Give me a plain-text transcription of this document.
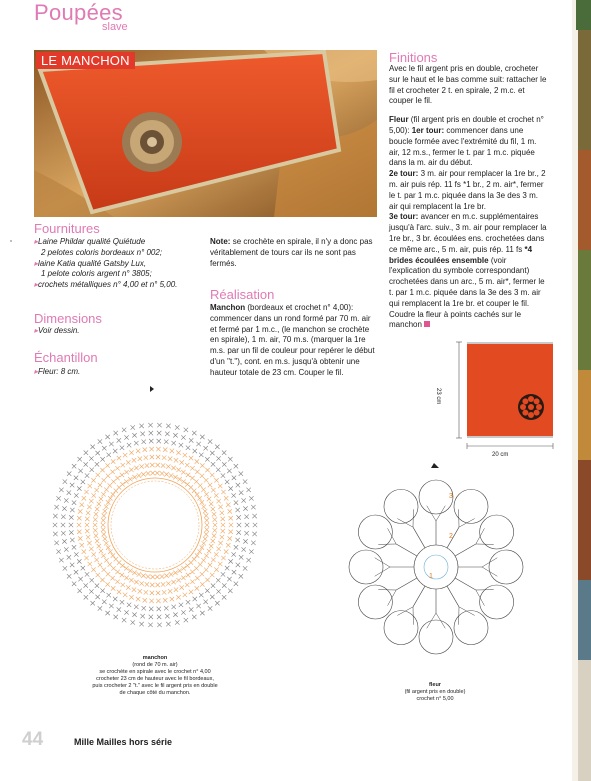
Poupées
slave
LE MANCHON
Fournitures
▸Laine Phildar qualité Quiétude
2 pelotes coloris bordeaux n° 002;
▸laine Katia qualité Gatsby Lux,
1 pelote coloris argent n° 3805;
▸crochets métalliques n° 4,00 et n° 5,00.
Dimensions
▸Voir dessin.
Échantillon
▸Fleur: 8 cm.
Note: se crochète en spirale, il n'y a donc pas véritablement de tours car ils ne sont pas fermés.
Réalisation
Manchon (bordeaux et crochet n° 4,00): commencer dans un rond formé par 70 m. air et fermé par 1 m.c., (le manchon se crochète en spirale), 1 m. air, 70 m.s. (marquer la 1re m.s. par un fil de couleur pour repérer le début d'un "t."), cont. en m.s. jusqu'à obtenir une hauteur totale de 23 cm. Couper le fil.
Finitions

Avec le fil argent pris en double, crocheter sur le haut et le bas comme suit: rattacher le fil et crocheter 2 t. en spirale, 2 m.c. et couper le fil.

Fleur (fil argent pris en double et crochet n° 5,00): 1er tour: commencer dans une boucle formée avec l'extrémité du fil, 1 m. air, 12 m.s., fermer le t. par 1 m.c. piquée dans la m. air du début.

2e tour: 3 m. air pour remplacer la 1re br., 2 m. air puis rép. 11 fs *1 br., 2 m. air*, fermer le t. par 1 m.c. piquée dans la 3e des 3 m. air qui remplacent la 1re br.

3e tour: avancer en m.c. supplémentaires jusqu'à l'arc. suiv., 3 m. air pour remplacer la 1re br., 3 br. écoulées ens. crochetées dans ce même arc., 5 m. air, puis rép. 11 fs *4 brides écoulées ensemble (voir l'explication du symbole correspondant) crochetées dans un arc., 5 m. air*, fermer le t. par 1 m.c. piquée dans la 3e des 3 m. air qui remplacent la 1re br. et couper le fil.

Coudre la fleur à points cachés sur le manchon

23 cm
20 cm
manchon
(rond de 70 m. air)
se crochète en spirale avec le crochet n° 4,00
crocheter 23 cm de hauteur avec le fil bordeaux,
puis crocheter 2 "t." avec le fil argent pris en double
de chaque côté du manchon.
3
2
1
fleur
(fil argent pris en double)
crochet n° 5,00
44	Mille Mailles hors série
